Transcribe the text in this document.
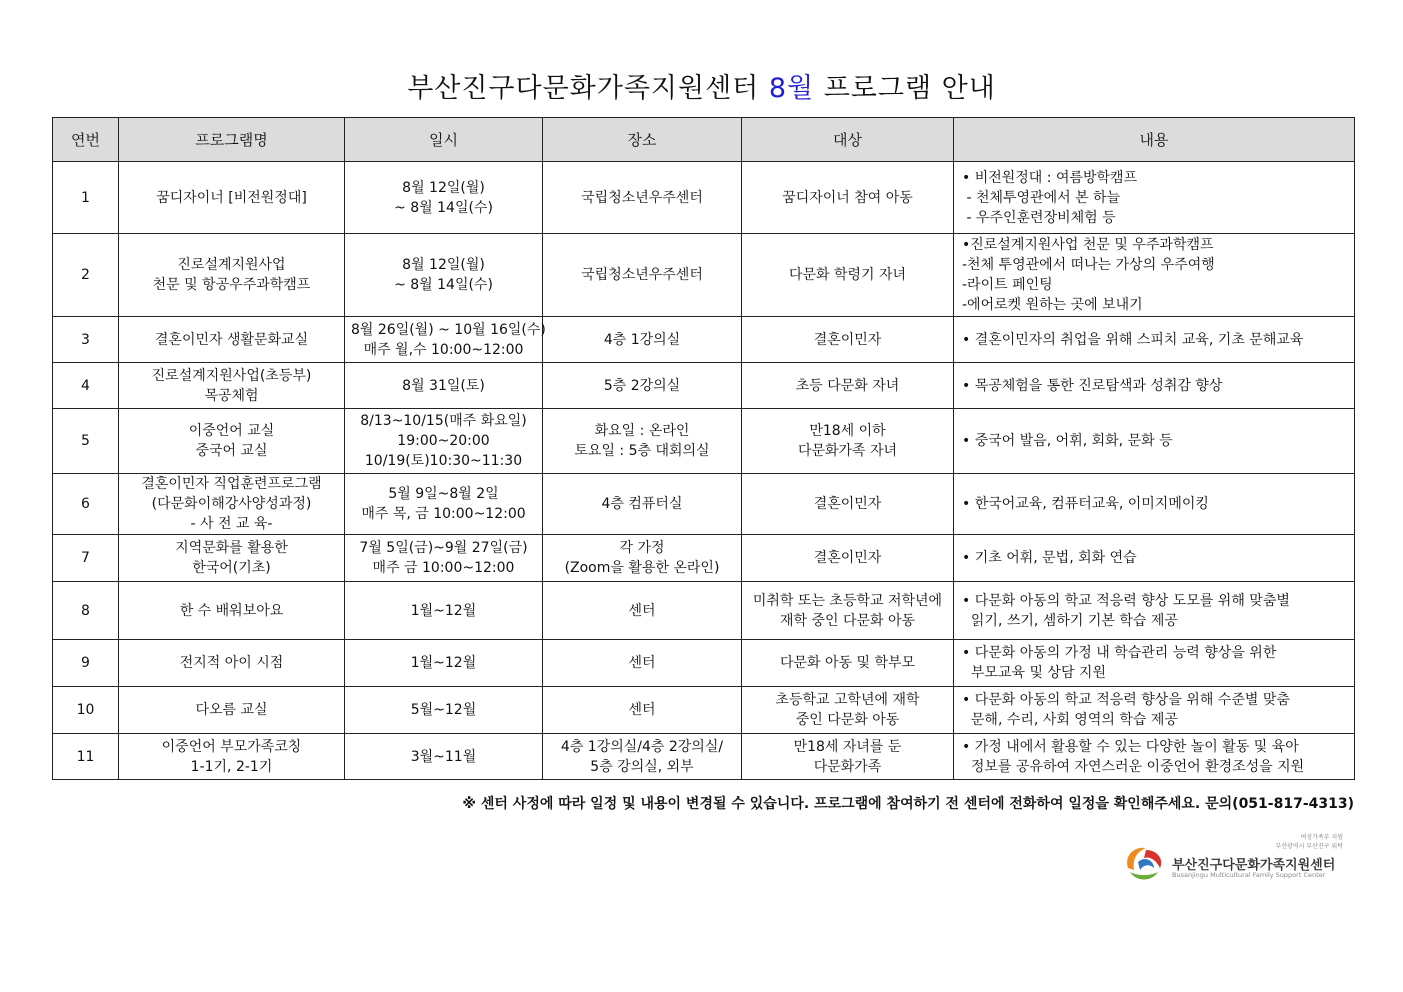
부산진구다문화가족지원센터 8월 프로그램 안내
연번	프로그램명	일시	장소	대상	내용
1	꿈디자이너 [비전원정대]	8월 12일(월)
~ 8월 14일(수)	국립청소년우주센터	꿈디자이너 참여 아동	• 비전원정대 : 여름방학캠프
- 천체투영관에서 본 하늘
- 우주인훈련장비체험 등

2	진로설계지원사업
천문 및 항공우주과학캠프	8월 12일(월)
~ 8월 14일(수)	국립청소년우주센터	다문화 학령기 자녀	•진로설계지원사업 천문 및 우주과학캠프
-천체 투영관에서 떠나는 가상의 우주여행
-라이트 페인팅
-에어로켓 원하는 곳에 보내기

3	결혼이민자 생활문화교실	8월 26일(월) ~ 10월 16일(수)
매주 월,수 10:00~12:00	4층 1강의실	결혼이민자	• 결혼이민자의 취업을 위해 스피치 교육, 기초 문해교육

4	진로설계지원사업(초등부)
목공체험	8월 31일(토)	5층 2강의실	초등 다문화 자녀	• 목공체험을 통한 진로탐색과 성취감 향상

5	이중언어 교실
중국어 교실	8/13~10/15(매주 화요일)
19:00~20:00
10/19(토)10:30~11:30	화요일 : 온라인
토요일 : 5층 대회의실	만18세 이하
다문화가족 자녀	• 중국어 발음, 어휘, 회화, 문화 등

6	결혼이민자 직업훈련프로그램
(다문화이해강사양성과정)
- 사 전 교 육-	5월 9일~8월 2일
매주 목, 금 10:00~12:00	4층 컴퓨터실	결혼이민자	• 한국어교육, 컴퓨터교육, 이미지메이킹

7	지역문화를 활용한
한국어(기초)	7월 5일(금)~9월 27일(금)
매주 금 10:00~12:00	각 가정
(Zoom을 활용한 온라인)	결혼이민자	• 기초 어휘, 문법, 회화 연습

8	한 수 배워보아요	1월~12월	센터	미취학 또는 초등학교 저학년에
재학 중인 다문화 아동	• 다문화 아동의 학교 적응력 향상 도모를 위해 맞춤별
읽기, 쓰기, 셈하기 기본 학습 제공

9	전지적 아이 시점	1월~12월	센터	다문화 아동 및 학부모	• 다문화 아동의 가정 내 학습관리 능력 향상을 위한
부모교육 및 상담 지원

10	다오름 교실	5월~12월	센터	초등학교 고학년에 재학
중인 다문화 아동	• 다문화 아동의 학교 적응력 향상을 위해 수준별 맞춤
문해, 수리, 사회 영역의 학습 제공

11	이중언어 부모가족코칭
1-1기, 2-1기	3월~11월	4층 1강의실/4층 2강의실/
5층 강의실, 외부	만18세 자녀를 둔
다문화가족	• 가정 내에서 활용할 수 있는 다양한 놀이 활동 및 육아
정보를 공유하여 자연스러운 이중언어 환경조성을 지원
※ 센터 사정에 따라 일정 및 내용이 변경될 수 있습니다. 프로그램에 참여하기 전 센터에 전화하여 일정을 확인해주세요. 문의(051-817-4313)
여성가족부 지원
부산광역시 부산진구 위탁
부산진구다문화가족지원센터
Busanjingu Multicultural Family Support Center
